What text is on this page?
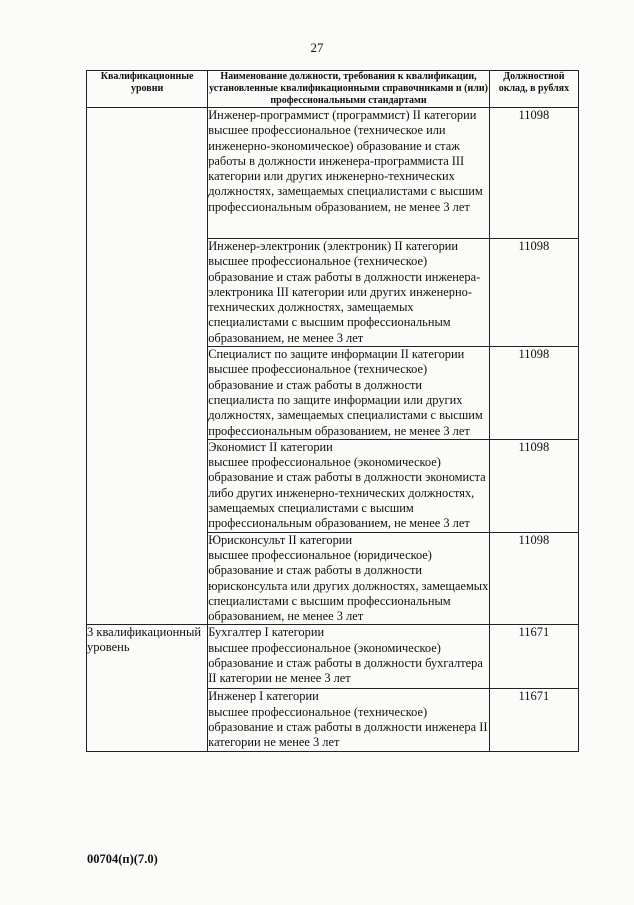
27
Квалификационные уровни	Наименование должности, требования к квалификации, установленные квалификационными справочниками и (или) профессиональными стандартами	Должностной оклад, в рублях

	Инженер-программист (программист) II категории
высшее профессиональное (техническое или инженерно-экономическое) образование и стаж работы в должности инженера-программиста III категории или других инженерно-технических должностях, замещаемых специалистами с высшим профессиональным образованием, не менее 3 лет	11098

	Инженер-электроник (электроник) II категории
высшее профессиональное (техническое) образование и стаж работы в должности инженера-электроника III категории или других инженерно-технических должностях, замещаемых специалистами с высшим профессиональным образованием, не менее 3 лет	11098

	Специалист по защите информации II категории
высшее профессиональное (техническое) образование и стаж работы в должности специалиста по защите информации или других должностях, замещаемых специалистами с высшим профессиональным образованием, не менее 3 лет	11098

	Экономист II категории
высшее профессиональное (экономическое) образование и стаж работы в должности экономиста либо других инженерно-технических должностях, замещаемых специалистами с высшим профессиональным образованием, не менее 3 лет	11098

	Юрисконсульт II категории
высшее профессиональное (юридическое) образование и стаж работы в должности юрисконсульта или других должностях, замещаемых специалистами с высшим профессиональным образованием, не менее 3 лет	11098
3 квалификационный уровень	Бухгалтер I категории
высшее профессиональное (экономическое) образование и стаж работы в должности бухгалтера II категории не менее 3 лет	11671

	Инженер I категории
высшее профессиональное (техническое) образование и стаж работы в должности инженера II категории не менее 3 лет	11671
00704(п)(7.0)
